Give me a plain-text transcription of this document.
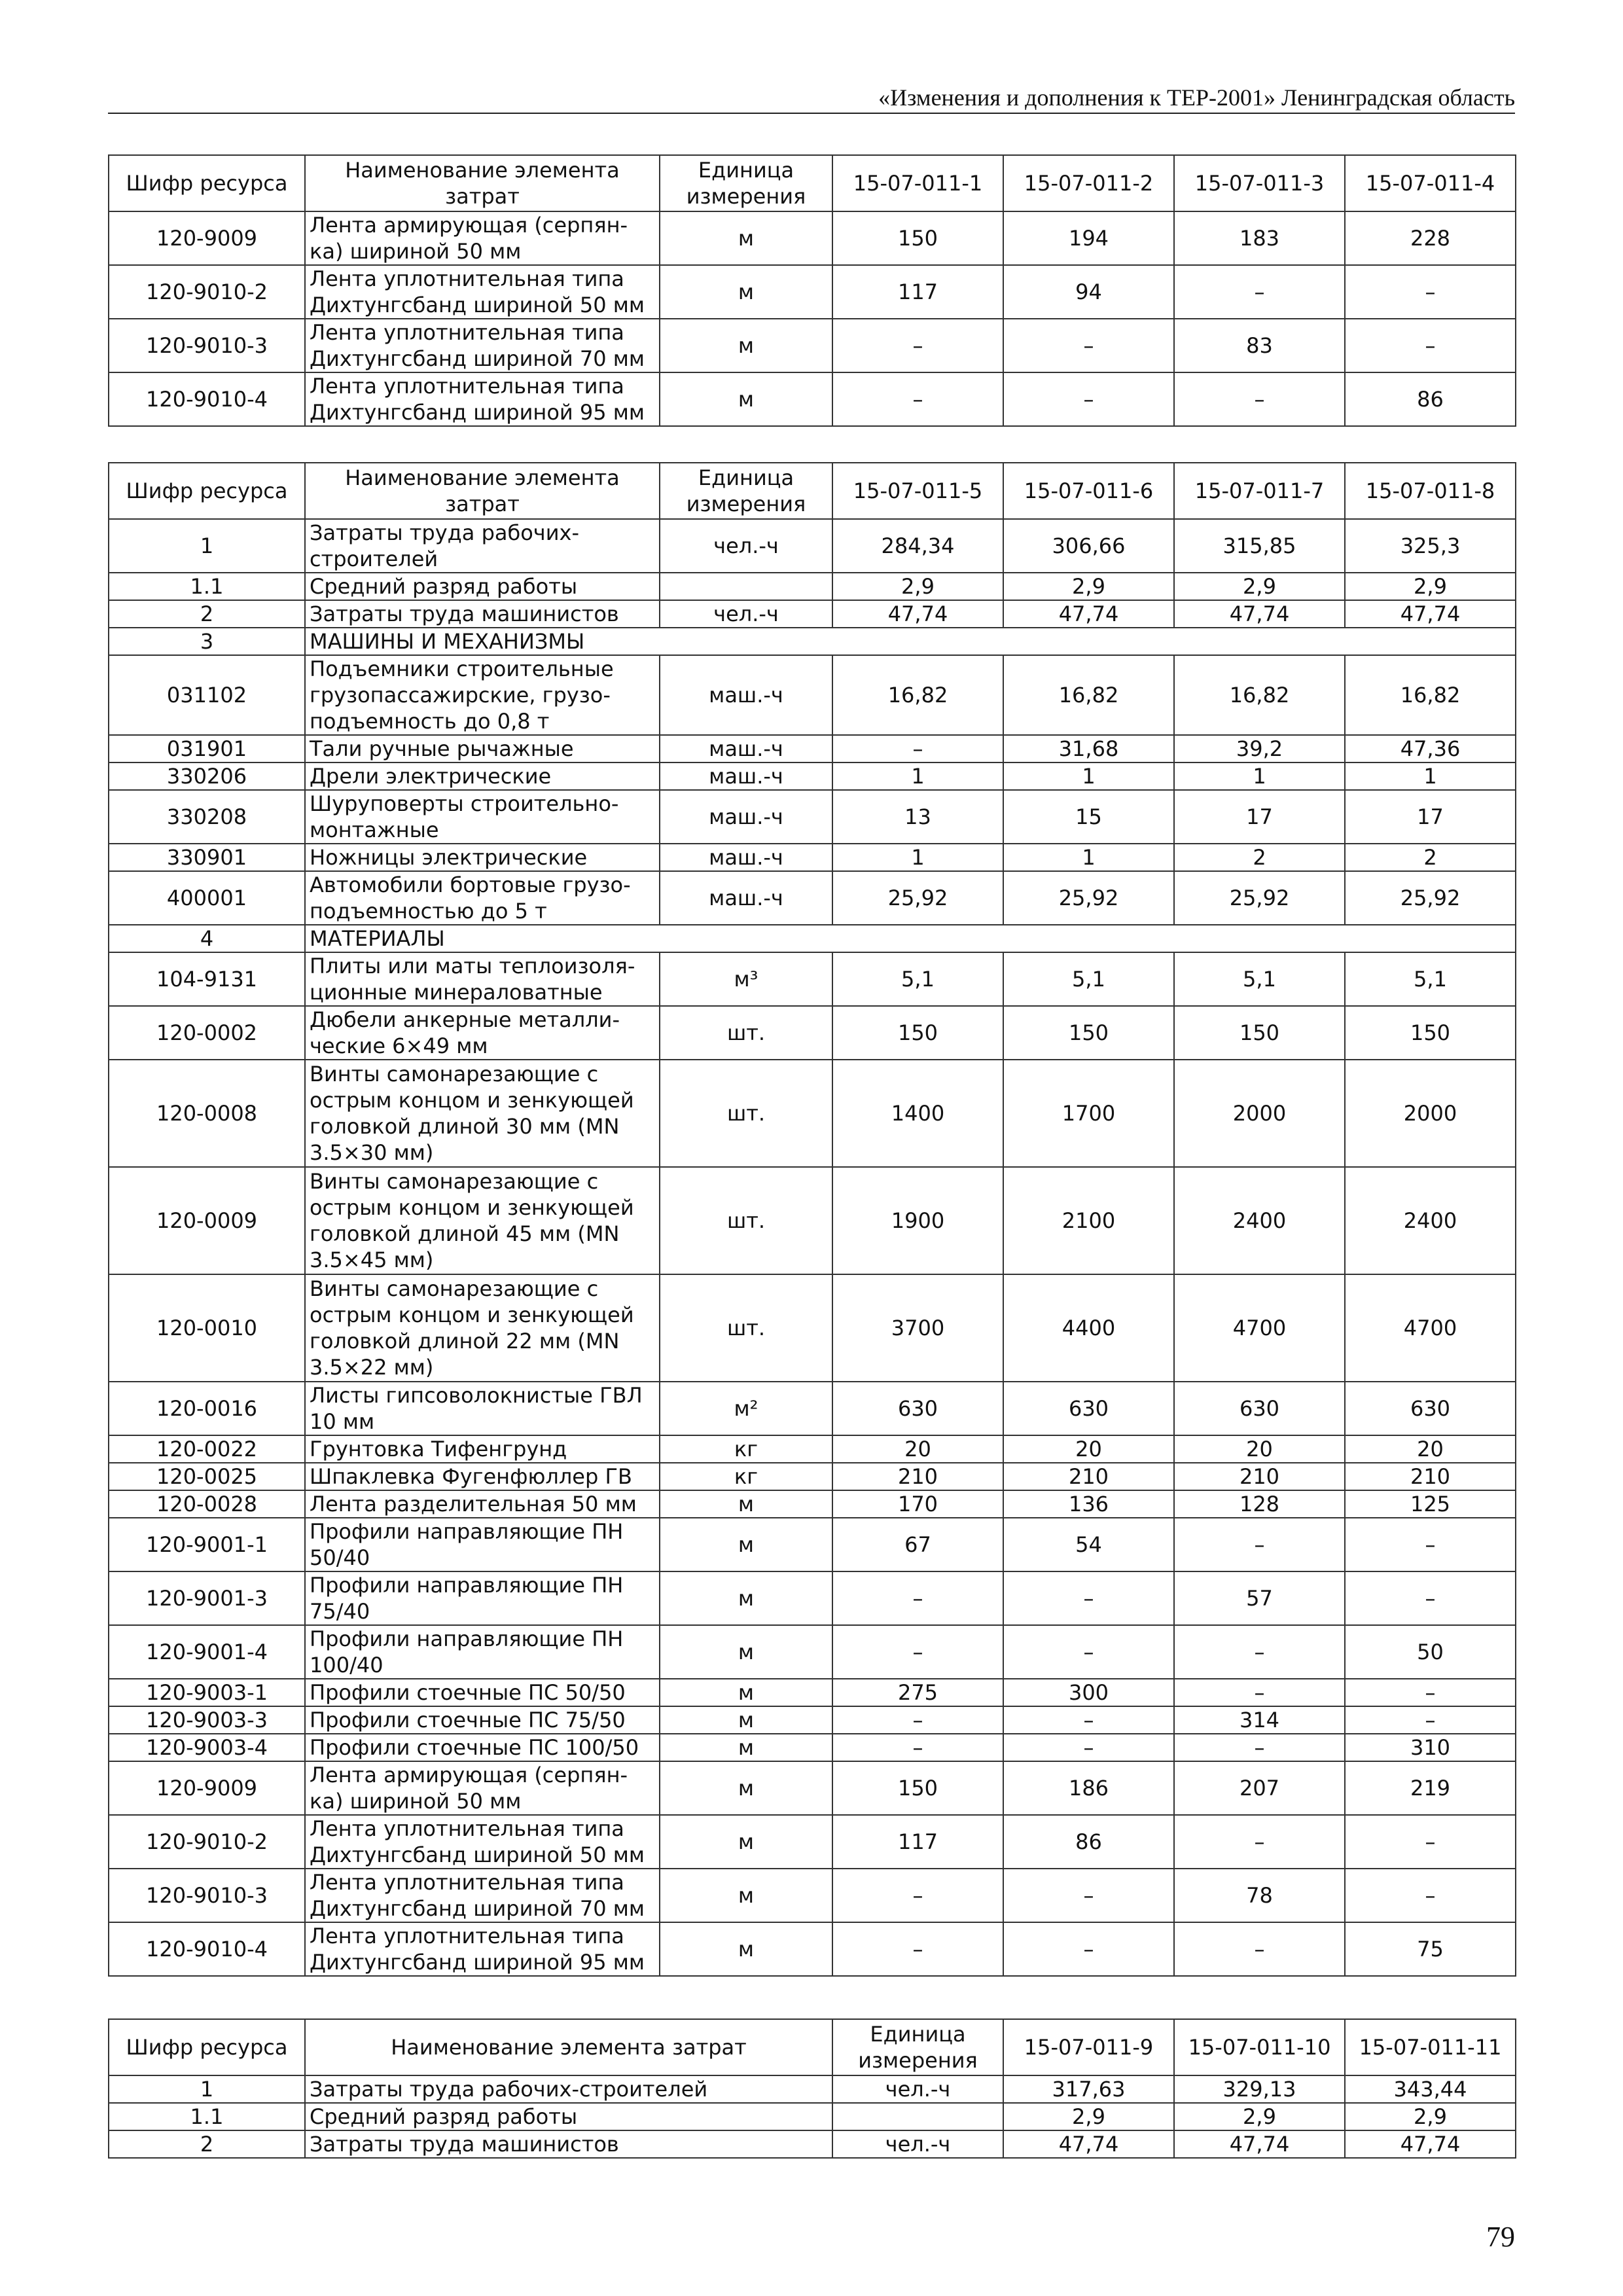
«Изменения и дополнения к ТЕР-2001» Ленинградская область
Шифр ресурса	Наименование элемента затрат	Единица измерения	15-07-011-1	15-07-011-2	15-07-011-3	15-07-011-4
120-9009	Лента армирующая (серпян-ка) шириной 50 мм	м	150	194	183	228
120-9010-2	Лента уплотнительная типа Дихтунгсбанд шириной 50 мм	м	117	94	–	–
120-9010-3	Лента уплотнительная типа Дихтунгсбанд шириной 70 мм	м	–	–	83	–
120-9010-4	Лента уплотнительная типа Дихтунгсбанд шириной 95 мм	м	–	–	–	86
Шифр ресурса	Наименование элемента затрат	Единица измерения	15-07-011-5	15-07-011-6	15-07-011-7	15-07-011-8
1	Затраты труда рабочих-строителей	чел.-ч	284,34	306,66	315,85	325,3
1.1	Средний разряд работы		2,9	2,9	2,9	2,9
2	Затраты труда машинистов	чел.-ч	47,74	47,74	47,74	47,74
3	МАШИНЫ И МЕХАНИЗМЫ					
031102	Подъемники строительные грузопассажирские, грузо-подъемность до 0,8 т	маш.-ч	16,82	16,82	16,82	16,82
031901	Тали ручные рычажные	маш.-ч	–	31,68	39,2	47,36
330206	Дрели электрические	маш.-ч	1	1	1	1
330208	Шуруповерты строительно-монтажные	маш.-ч	13	15	17	17
330901	Ножницы электрические	маш.-ч	1	1	2	2
400001	Автомобили бортовые грузо-подъемностью до 5 т	маш.-ч	25,92	25,92	25,92	25,92
4	МАТЕРИАЛЫ					
104-9131	Плиты или маты теплоизоля-ционные минераловатные	м³	5,1	5,1	5,1	5,1
120-0002	Дюбели анкерные металли-ческие 6×49 мм	шт.	150	150	150	150
120-0008	Винты самонарезающие с острым концом и зенкующей головкой длиной 30 мм (MN 3.5×30 мм)	шт.	1400	1700	2000	2000
120-0009	Винты самонарезающие с острым концом и зенкующей головкой длиной 45 мм (MN 3.5×45 мм)	шт.	1900	2100	2400	2400
120-0010	Винты самонарезающие с острым концом и зенкующей головкой длиной 22 мм (MN 3.5×22 мм)	шт.	3700	4400	4700	4700
120-0016	Листы гипсоволокнистые ГВЛ 10 мм	м²	630	630	630	630
120-0022	Грунтовка Тифенгрунд	кг	20	20	20	20
120-0025	Шпаклевка Фугенфюллер ГВ	кг	210	210	210	210
120-0028	Лента разделительная 50 мм	м	170	136	128	125
120-9001-1	Профили направляющие ПН 50/40	м	67	54	–	–
120-9001-3	Профили направляющие ПН 75/40	м	–	–	57	–
120-9001-4	Профили направляющие ПН 100/40	м	–	–	–	50
120-9003-1	Профили стоечные ПС 50/50	м	275	300	–	–
120-9003-3	Профили стоечные ПС 75/50	м	–	–	314	–
120-9003-4	Профили стоечные ПС 100/50	м	–	–	–	310
120-9009	Лента армирующая (серпян-ка) шириной 50 мм	м	150	186	207	219
120-9010-2	Лента уплотнительная типа Дихтунгсбанд шириной 50 мм	м	117	86	–	–
120-9010-3	Лента уплотнительная типа Дихтунгсбанд шириной 70 мм	м	–	–	78	–
120-9010-4	Лента уплотнительная типа Дихтунгсбанд шириной 95 мм	м	–	–	–	75
Шифр ресурса	Наименование элемента затрат	Единица измерения	15-07-011-9	15-07-011-10	15-07-011-11
1	Затраты труда рабочих-строителей	чел.-ч	317,63	329,13	343,44
1.1	Средний разряд работы		2,9	2,9	2,9
2	Затраты труда машинистов	чел.-ч	47,74	47,74	47,74
79
